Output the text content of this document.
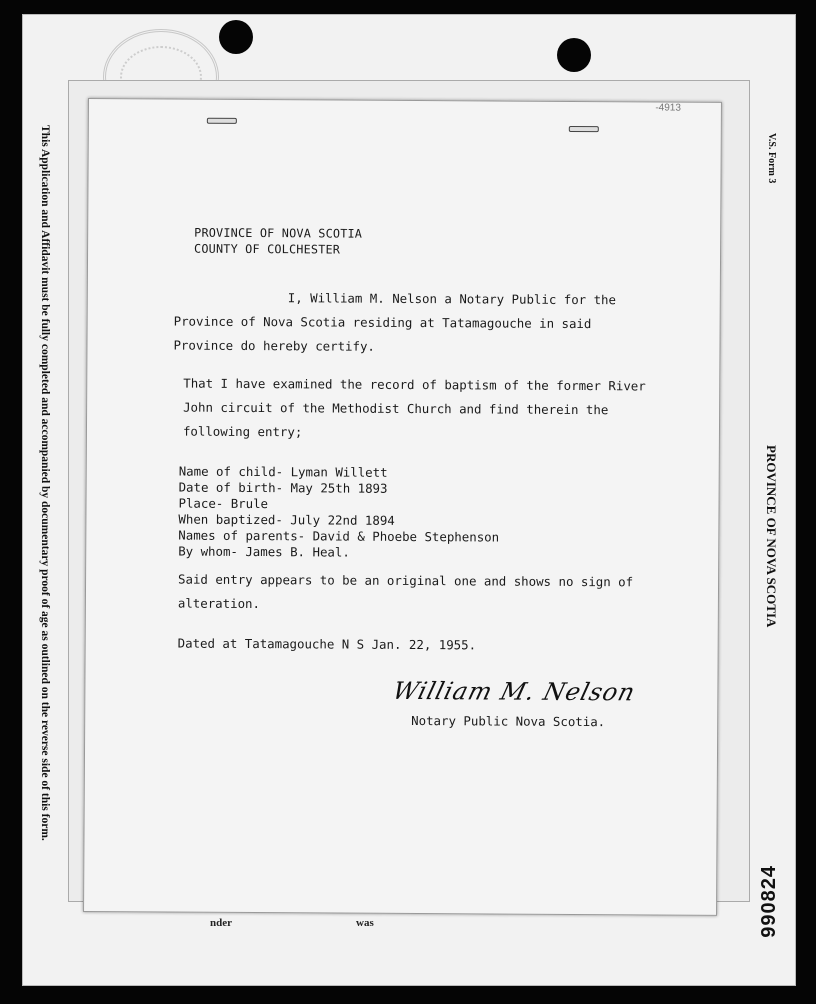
This Application and Affidavit must be fully completed and accompanied by documentary proof of age as outlined on the reverse side of this form.	V.S. Form 3
PROVINCE OF NOVA SCOTIA
990824
nder	was
-4913
PROVINCE OF NOVA SCOTIA
COUNTY OF COLCHESTER
I, William M. Nelson a Notary Public for the
Province of Nova Scotia residing at Tatamagouche in said
Province do hereby certify.
That I have examined the record of baptism of the former River
John circuit of the Methodist Church and find therein the
following entry;
Name of child- Lyman Willett
Date of birth- May 25th 1893
Place- Brule
When baptized- July 22nd 1894
Names of parents- David & Phoebe Stephenson
By whom- James B. Heal.
Said entry appears to be an original one and shows no sign of
alteration.
Dated at Tatamagouche N S Jan. 22, 1955.
William M. Nelson
Notary Public Nova Scotia.
